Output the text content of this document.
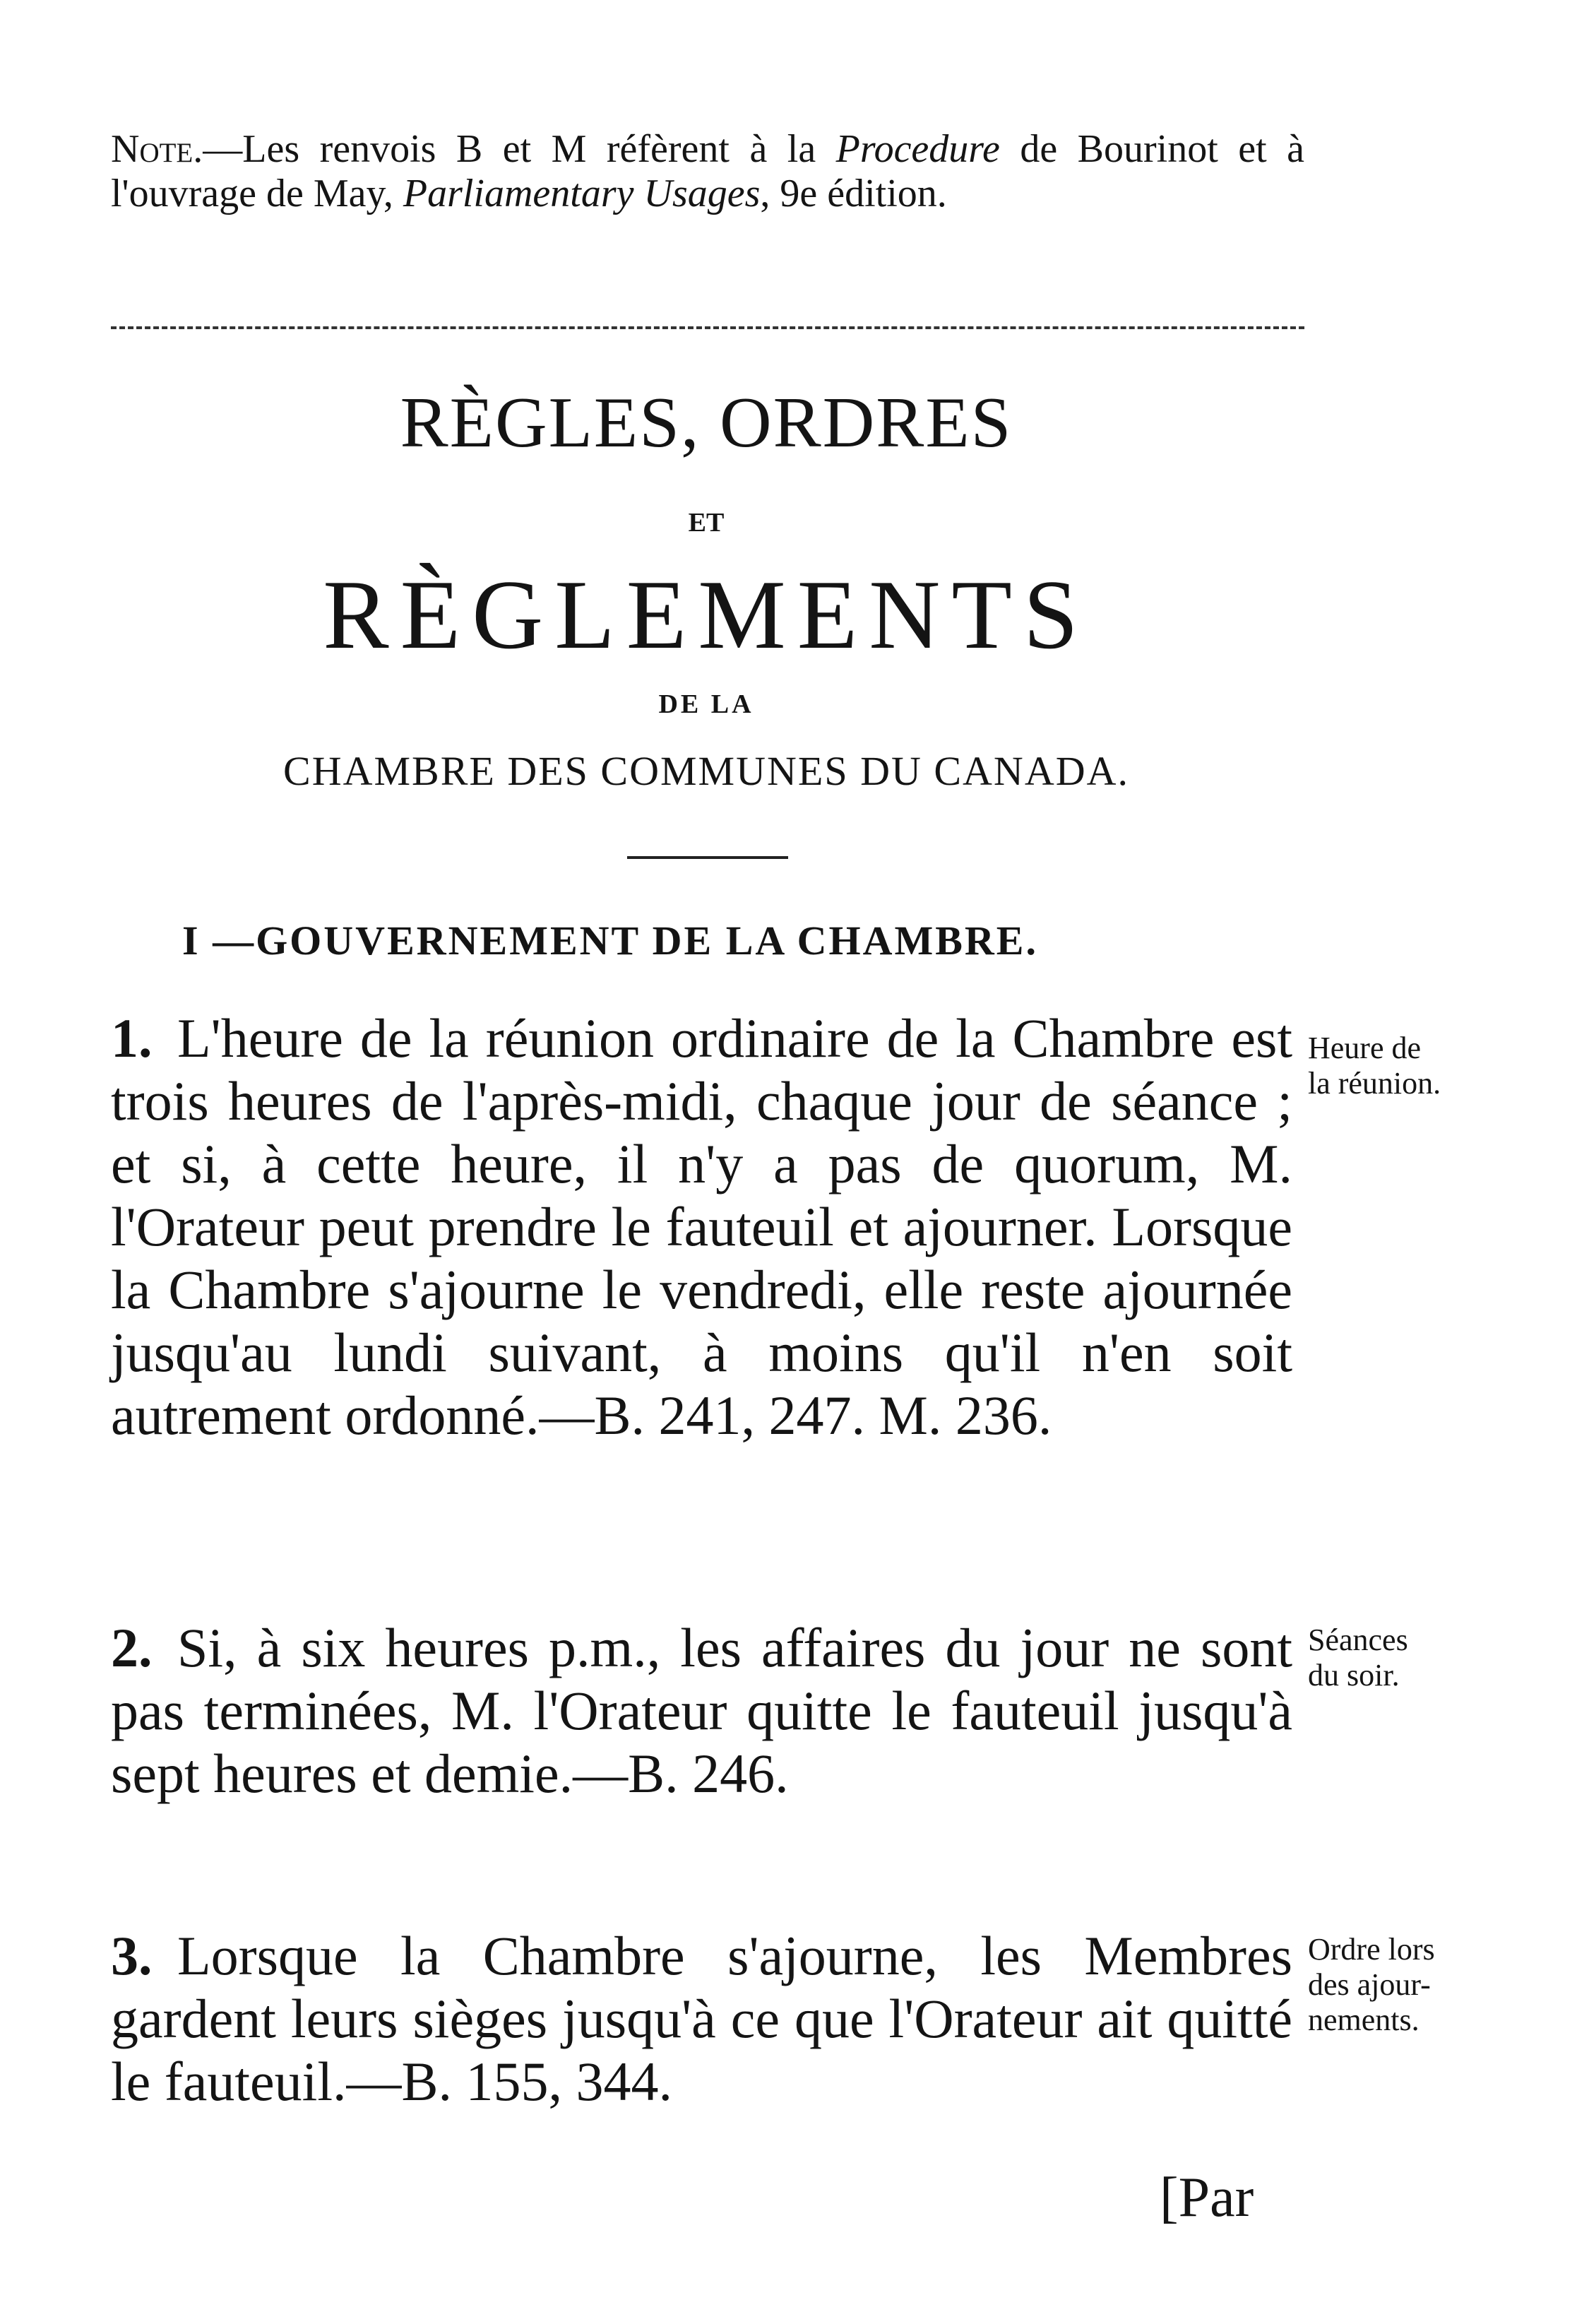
Note.—Les renvois B et M réfèrent à la Procedure de Bourinot et à l'ouvrage de May, Parliamentary Usages, 9e édition.
RÈGLES, ORDRES
ET
RÈGLEMENTS
DE LA
CHAMBRE DES COMMUNES DU CANADA.
I —GOUVERNEMENT DE LA CHAMBRE.
1. L'heure de la réunion ordinaire de la Chambre est trois heures de l'après-midi, chaque jour de séance ; et si, à cette heure, il n'y a pas de quorum, M. l'Orateur peut prendre le fauteuil et ajourner. Lorsque la Chambre s'ajourne le vendredi, elle reste ajournée jusqu'au lundi suivant, à moins qu'il n'en soit autrement ordonné.—B. 241, 247. M. 236.
Heure de
la réunion.
2. Si, à six heures p.m., les affaires du jour ne sont pas terminées, M. l'Orateur quitte le fauteuil jusqu'à sept heures et demie.—B. 246.
Séances
du soir.
3. Lorsque la Chambre s'ajourne, les Membres gardent leurs sièges jusqu'à ce que l'Orateur ait quitté le fauteuil.—B. 155, 344.
Ordre lors
des ajour-
nements.
[Par
